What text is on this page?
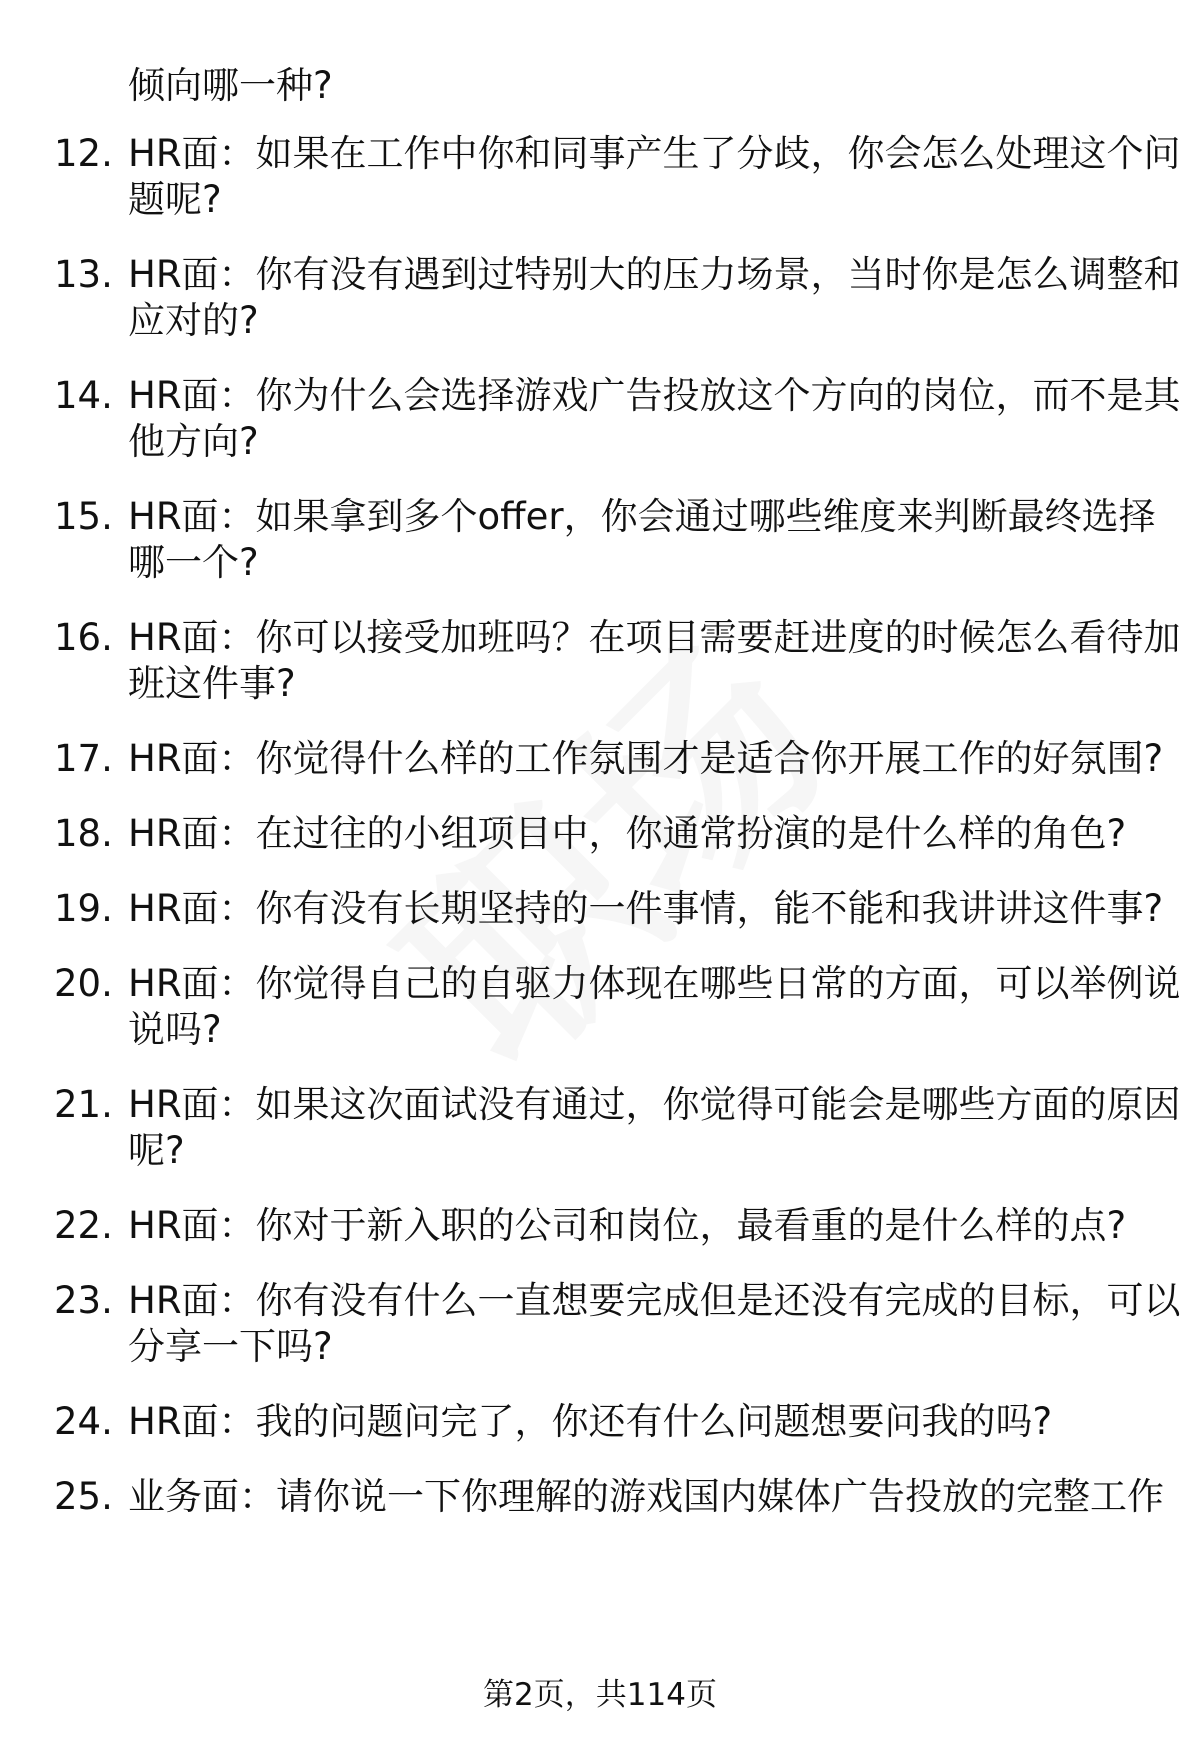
倾向哪一种?
12. HR面：如果在工作中你和同事产生了分歧，你会怎么处理这个问
题呢?
13. HR面：你有没有遇到过特别大的压力场景，当时你是怎么调整和
应对的?
14. HR面：你为什么会选择游戏广告投放这个方向的岗位，而不是其
他方向?
15. HR面：如果拿到多个offer，你会通过哪些维度来判断最终选择
哪一个?
16. HR面：你可以接受加班吗？在项目需要赶进度的时候怎么看待加
班这件事?
17. HR面：你觉得什么样的工作氛围才是适合你开展工作的好氛围?
18. HR面：在过往的小组项目中，你通常扮演的是什么样的角色?
19. HR面：你有没有长期坚持的一件事情，能不能和我讲讲这件事?
20. HR面：你觉得自己的自驱力体现在哪些日常的方面，可以举例说
说吗?
21. HR面：如果这次面试没有通过，你觉得可能会是哪些方面的原因
呢?
22. HR面：你对于新入职的公司和岗位，最看重的是什么样的点?
23. HR面：你有没有什么一直想要完成但是还没有完成的目标，可以
分享一下吗?
24. HR面：我的问题问完了，你还有什么问题想要问我的吗?
25. 业务面：请你说一下你理解的游戏国内媒体广告投放的完整工作
第2页，共114页
